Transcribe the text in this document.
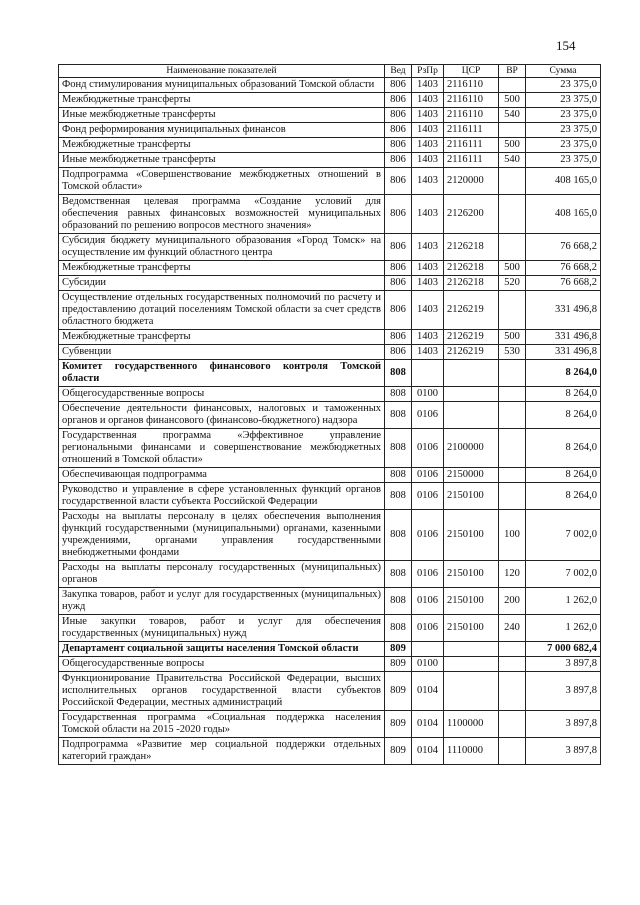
154
Наименование показателей	Вед	РзПр	ЦСР	ВР	Сумма
Фонд стимулирования муниципальных образований Томской области	806	1403	2116110		23 375,0
Межбюджетные трансферты	806	1403	2116110	500	23 375,0
Иные межбюджетные трансферты	806	1403	2116110	540	23 375,0
Фонд реформирования муниципальных финансов	806	1403	2116111		23 375,0
Межбюджетные трансферты	806	1403	2116111	500	23 375,0
Иные межбюджетные трансферты	806	1403	2116111	540	23 375,0
Подпрограмма «Совершенствование межбюджетных отношений в Томской области»	806	1403	2120000		408 165,0
Ведомственная целевая программа «Создание условий для обеспечения равных финансовых возможностей муниципальных образований по решению вопросов местного значения»	806	1403	2126200		408 165,0
Субсидия бюджету муниципального образования «Город Томск» на осуществление им функций областного центра	806	1403	2126218		76 668,2
Межбюджетные трансферты	806	1403	2126218	500	76 668,2
Субсидии	806	1403	2126218	520	76 668,2
Осуществление отдельных государственных полномочий по расчету и предоставлению дотаций поселениям Томской области за счет средств областного бюджета	806	1403	2126219		331 496,8
Межбюджетные трансферты	806	1403	2126219	500	331 496,8
Субвенции	806	1403	2126219	530	331 496,8
Комитет государственного финансового контроля Томской области	808				8 264,0
Общегосударственные вопросы	808	0100			8 264,0
Обеспечение деятельности финансовых, налоговых и таможенных органов и органов финансового (финансово-бюджетного) надзора	808	0106			8 264,0
Государственная программа «Эффективное управление региональными финансами и совершенствование межбюджетных отношений в Томской области»	808	0106	2100000		8 264,0
Обеспечивающая подпрограмма	808	0106	2150000		8 264,0
Руководство и управление в сфере установленных функций органов государственной власти субъекта Российской Федерации	808	0106	2150100		8 264,0
Расходы на выплаты персоналу в целях обеспечения выполнения функций государственными (муниципальными) органами, казенными учреждениями, органами управления государственными внебюджетными фондами	808	0106	2150100	100	7 002,0
Расходы на выплаты персоналу государственных (муниципальных) органов	808	0106	2150100	120	7 002,0
Закупка товаров, работ и услуг для государственных (муниципальных) нужд	808	0106	2150100	200	1 262,0
Иные закупки товаров, работ и услуг для обеспечения государственных (муниципальных) нужд	808	0106	2150100	240	1 262,0
Департамент социальной защиты населения Томской области	809				7 000 682,4
Общегосударственные вопросы	809	0100			3 897,8
Функционирование Правительства Российской Федерации, высших исполнительных органов государственной власти субъектов Российской Федерации, местных администраций	809	0104			3 897,8
Государственная программа «Социальная поддержка населения Томской области на 2015 -2020 годы»	809	0104	1100000		3 897,8
Подпрограмма «Развитие мер социальной поддержки отдельных категорий граждан»	809	0104	1110000		3 897,8
